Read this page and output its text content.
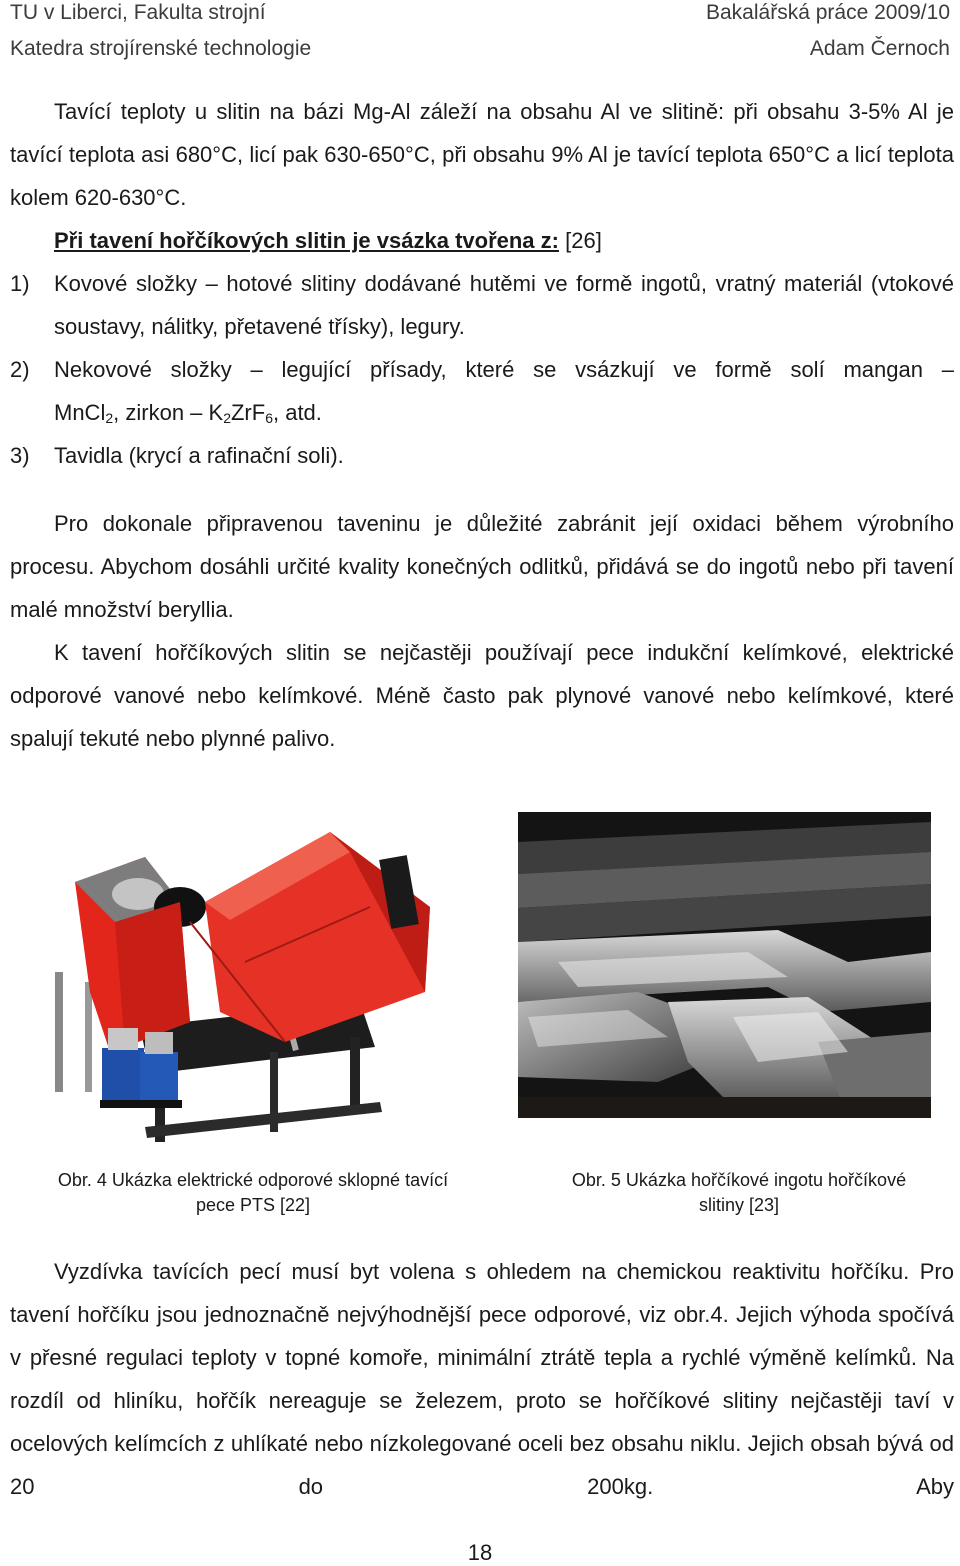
TU v Liberci, Fakulta strojní
Katedra strojírenské technologie
Bakalářská práce 2009/10
Adam Černoch
Tavící teploty u slitin na bázi Mg-Al záleží na obsahu Al ve slitině: při obsahu 3-5% Al je tavící teplota asi 680°C, licí pak 630-650°C, při obsahu 9% Al je tavící teplota 650°C a licí teplota kolem 620-630°C.
Při tavení hořčíkových slitin je vsázka tvořena z: [26]
1) Kovové složky – hotové slitiny dodávané hutěmi ve formě ingotů, vratný materiál (vtokové soustavy, nálitky, přetavené třísky), legury.
2) Nekovové složky – legující přísady, které se vsázkují ve formě solí mangan –
MnCl$_2$, zirkon – $K_2ZrF_6$, atd.
3) Tavidla (krycí a rafinační soli).
Pro dokonale připravenou taveninu je důležité zabránit její oxidaci během výrobního procesu. Abychom dosáhli určité kvality konečných odlitků, přidává se do ingotů nebo při tavení malé množství beryllia.
K tavení hořčíkových slitin se nejčastěji používají pece indukční kelímkové, elektrické odporové vanové nebo kelímkové. Méně často pak plynové vanové nebo kelímkové, které spalují tekuté nebo plynné palivo.
Obr. 4 Ukázka elektrické odporové sklopné tavící
pece PTS [22]
Obr. 5 Ukázka hořčíkové ingotu hořčíkové
slitiny [23]
Vyzdívka tavících pecí musí byt volena s ohledem na chemickou reaktivitu hořčíku. Pro tavení hořčíku jsou jednoznačně nejvýhodnější pece odporové, viz obr.4. Jejich výhoda spočívá v přesné regulaci teploty v topné komoře, minimální ztrátě tepla a rychlé výměně kelímků. Na rozdíl od hliníku, hořčík nereaguje se železem, proto se hořčíkové slitiny nejčastěji taví v ocelových kelímcích z uhlíkaté nebo nízkolegované oceli bez obsahu niklu. Jejich obsah bývá od 20 do 200kg. Aby
18
